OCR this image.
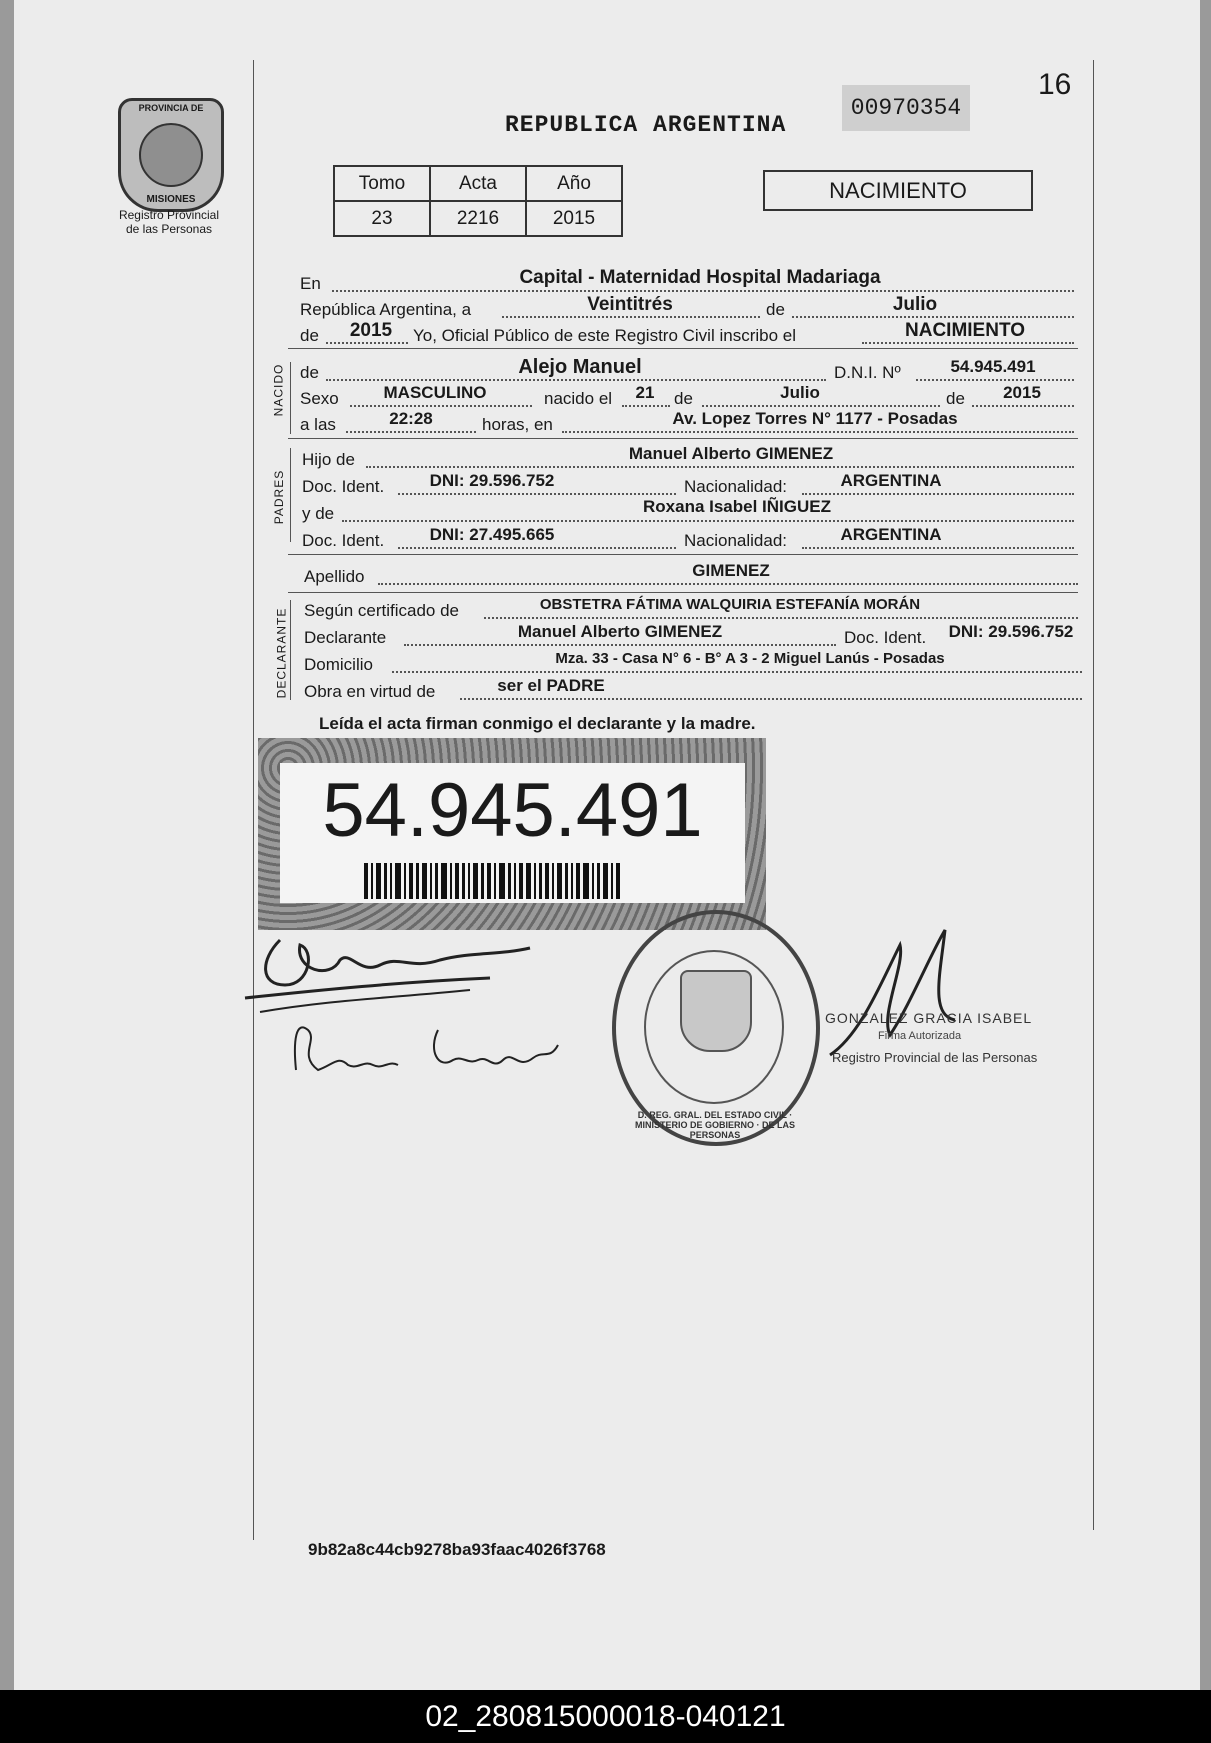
PROVINCIA DE
MISIONES
Registro Provincial
de las Personas
16
REPUBLICA ARGENTINA
00970354
Tomo	Acta	Año
23	2216	2015
NACIMIENTO
En	Capital - Maternidad Hospital Madariaga
República Argentina, a	Veintitrés	de	Julio
de	2015	Yo, Oficial Público de este Registro Civil inscribo el	NACIMIENTO
NACIDO de	Alejo Manuel	D.N.I. Nº	54.945.491
Sexo	MASCULINO	nacido el	21	de	Julio	de	2015
a las	22:28	horas, en	Av. Lopez Torres N° 1177 - Posadas
PADRES
Hijo de	Manuel Alberto GIMENEZ
Doc. Ident.	DNI: 29.596.752	Nacionalidad:	ARGENTINA
y de	Roxana Isabel IÑIGUEZ
Doc. Ident.	DNI: 27.495.665	Nacionalidad:	ARGENTINA
Apellido	GIMENEZ
DECLARANTE Según certificado de	OBSTETRA FÁTIMA WALQUIRIA ESTEFANÍA MORÁN
Declarante	Manuel Alberto GIMENEZ	Doc. Ident.	DNI: 29.596.752
Domicilio	Mza. 33 - Casa N° 6 - B° A 3 - 2 Miguel Lanús - Posadas
Obra en virtud de	ser el PADRE
Leída el acta firman conmigo el declarante y la madre.
54.945.491
D. REG. GRAL. DEL ESTADO CIVIL · MINISTERIO DE GOBIERNO · DE LAS PERSONAS
GONZALEZ GRACIA ISABEL
Firma Autorizada
Registro Provincial de las Personas
9b82a8c44cb9278ba93faac4026f3768
02_280815000018-040121
